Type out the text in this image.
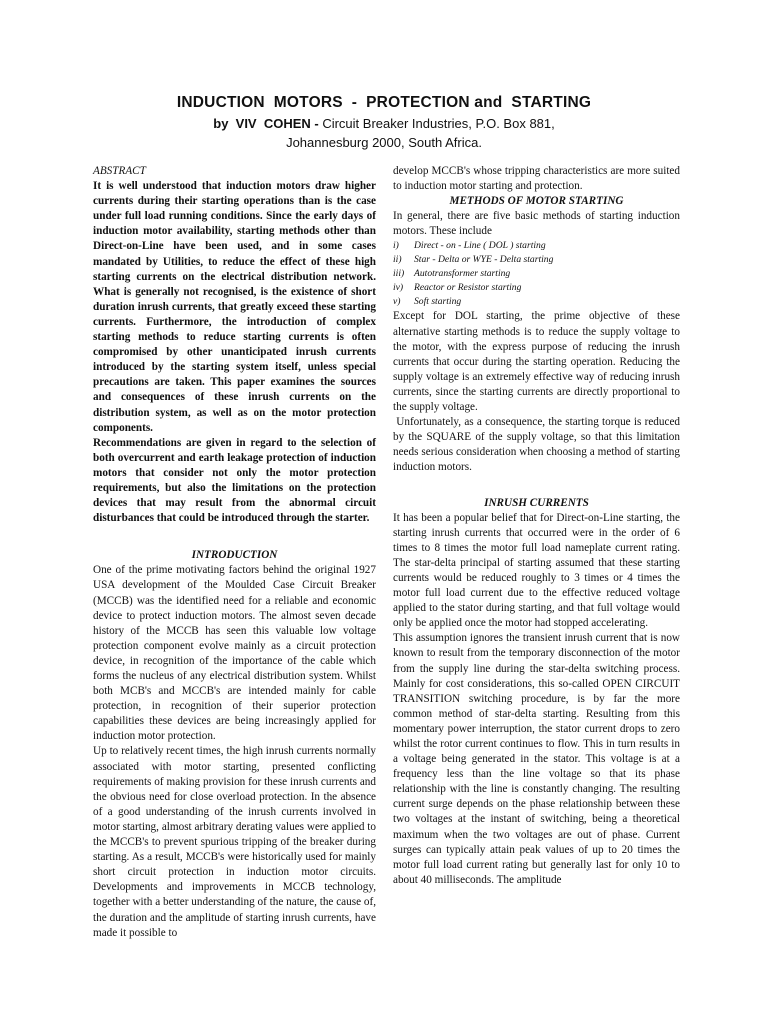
INDUCTION  MOTORS  -  PROTECTION and  STARTING
by  VIV  COHEN - Circuit Breaker Industries, P.O. Box 881,
Johannesburg 2000, South Africa.

ABSTRACT

It is well understood that induction motors draw higher currents during their starting operations than is the case under full load running conditions. Since the early days of induction motor availability, starting methods other than Direct-on-Line have been used, and in some cases mandated by Utilities, to reduce the effect of these high starting currents on the electrical distribution network. What is generally not recognised, is the existence of short duration inrush currents, that greatly exceed these starting currents. Furthermore, the introduction of complex starting methods to reduce starting currents is often compromised by other unanticipated inrush currents introduced by the starting system itself, unless special precautions are taken. This paper examines the sources and consequences of these inrush currents on the distribution system, as well as on the motor protection components.

Recommendations are given in regard to the selection of both overcurrent and earth leakage protection of induction motors that consider not only the motor protection requirements, but also the limitations on the protection devices that may result from the abnormal circuit disturbances that could be introduced through the starter.

INTRODUCTION

One of the prime motivating factors behind the original 1927 USA development of the Moulded Case Circuit Breaker (MCCB) was the identified need for a reliable and economic device to protect induction motors. The almost seven decade history of the MCCB has seen this valuable low voltage protection component evolve mainly as a circuit protection device, in recognition of the importance of the cable which forms the nucleus of any electrical distribution system. Whilst both MCB's and MCCB's are intended mainly for cable protection, in recognition of their superior protection capabilities these devices are being increasingly applied for induction motor protection.

Up to relatively recent times, the high inrush currents normally associated with motor starting, presented conflicting requirements of making provision for these inrush currents and the obvious need for close overload protection. In the absence of a good understanding of the inrush currents involved in motor starting, almost arbitrary derating values were applied to the MCCB's to prevent spurious tripping of the breaker during starting. As a result, MCCB's were historically used for mainly short circuit protection in induction motor circuits. Developments and improvements in MCCB technology, together with a better understanding of the nature, the cause of, the duration and the amplitude of starting inrush currents, have made it possible to

develop MCCB's whose tripping characteristics are more suited to induction motor starting and protection.

METHODS OF MOTOR STARTING

In general, there are five basic methods of starting induction motors. These include

i) Direct - on - Line ( DOL ) starting
ii) Star - Delta or WYE - Delta starting
iii) Autotransformer starting
iv) Reactor or Resistor starting
v) Soft starting

Except for DOL starting, the prime objective of these alternative starting methods is to reduce the supply voltage to the motor, with the express purpose of reducing the inrush currents that occur during the starting operation. Reducing the supply voltage is an extremely effective way of reducing inrush currents, since the starting currents are directly proportional to the supply voltage.

Unfortunately, as a consequence, the starting torque is reduced by the SQUARE of the supply voltage, so that this limitation needs serious consideration when choosing a method of starting induction motors.

INRUSH CURRENTS

It has been a popular belief that for Direct-on-Line starting, the starting inrush currents that occurred were in the order of 6 times to 8 times the motor full load nameplate current rating. The star-delta principal of starting assumed that these starting currents would be reduced roughly to 3 times or 4 times the motor full load current due to the effective reduced voltage applied to the stator during starting, and that full voltage would only be applied once the motor had stopped accelerating.

This assumption ignores the transient inrush current that is now known to result from the temporary disconnection of the motor from the supply line during the star-delta switching process. Mainly for cost considerations, this so-called OPEN CIRCUIT TRANSITION switching procedure, is by far the more common method of star-delta starting. Resulting from this momentary power interruption, the stator current drops to zero whilst the rotor current continues to flow. This in turn results in a voltage being generated in the stator. This voltage is at a frequency less than the line voltage so that its phase relationship with the line is constantly changing. The resulting current surge depends on the phase relationship between these two voltages at the instant of switching, being a theoretical maximum when the two voltages are out of phase. Current surges can typically attain peak values of up to 20 times the motor full load current rating but generally last for only 10 to about 40 milliseconds. The amplitude
